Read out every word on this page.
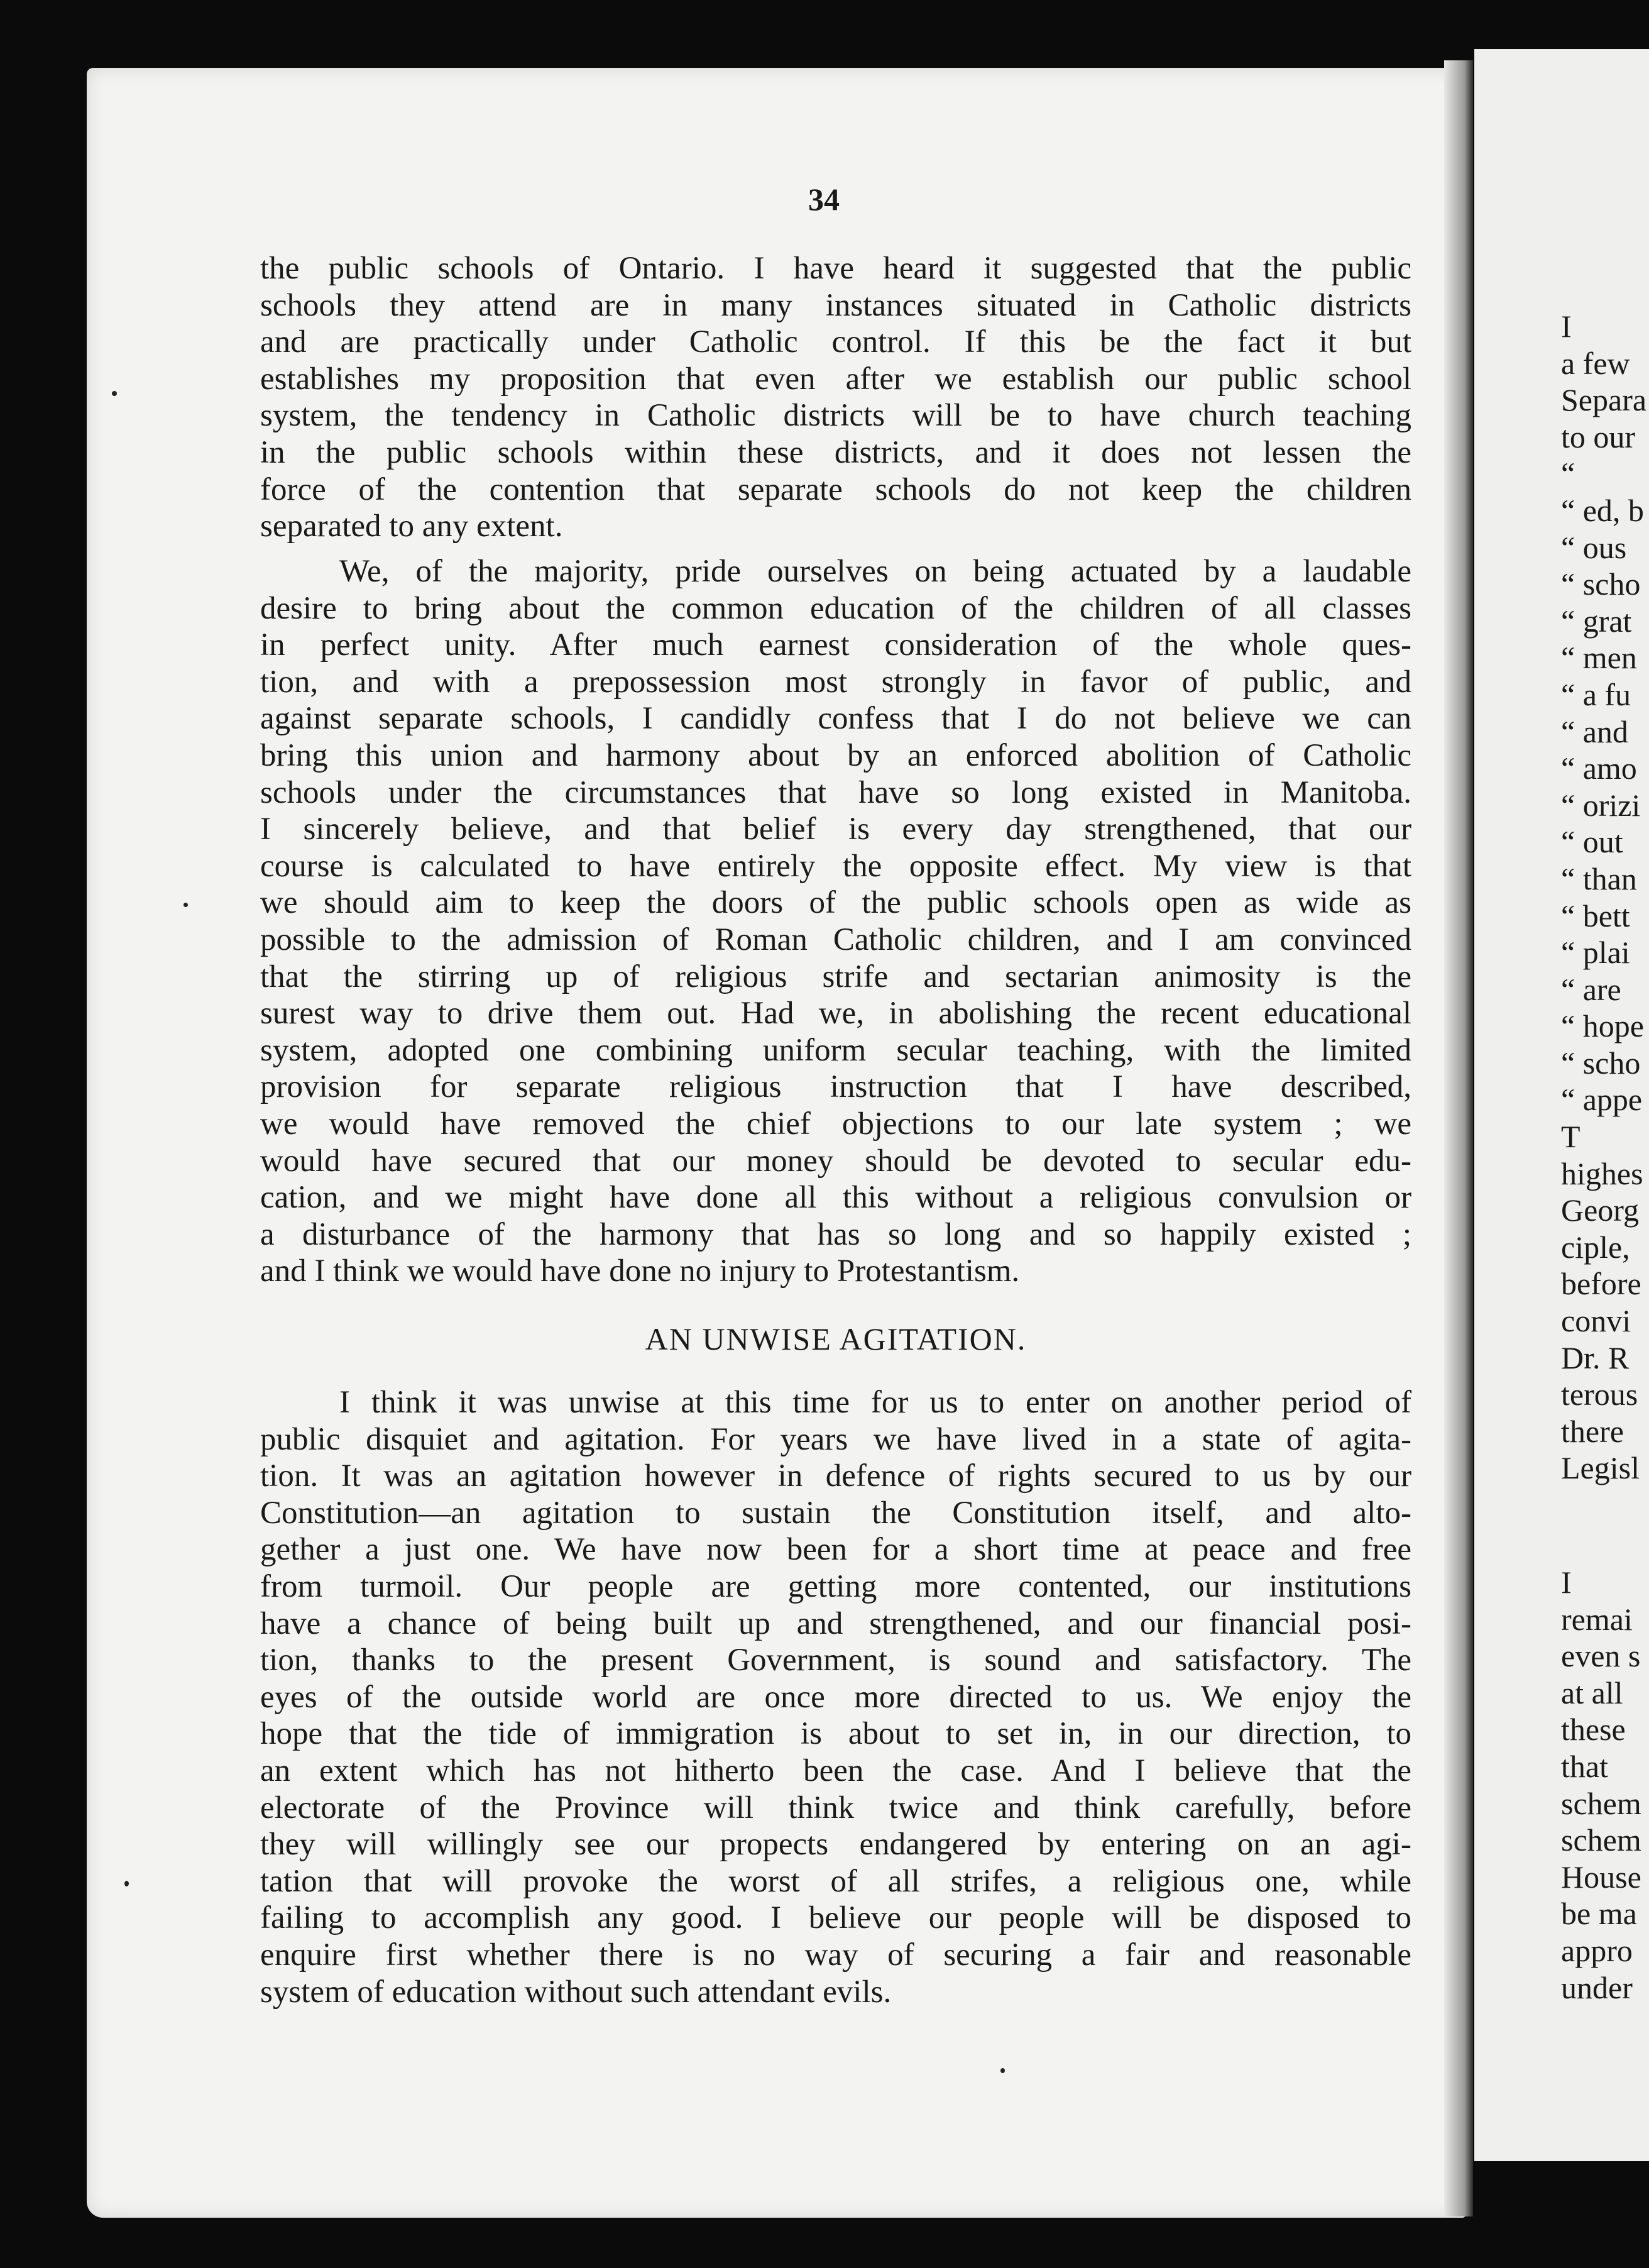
34
the public schools of Ontario. I have heard it suggested that the public
schools they attend are in many instances situated in Catholic districts
and are practically under Catholic control. If this be the fact it but
establishes my proposition that even after we establish our public school
system, the tendency in Catholic districts will be to have church teaching
in the public schools within these districts, and it does not lessen the
force of the contention that separate schools do not keep the children
separated to any extent.
We, of the majority, pride ourselves on being actuated by a laudable
desire to bring about the common education of the children of all classes
in perfect unity. After much earnest consideration of the whole ques-
tion, and with a prepossession most strongly in favor of public, and
against separate schools, I candidly confess that I do not believe we can
bring this union and harmony about by an enforced abolition of Catholic
schools under the circumstances that have so long existed in Manitoba.
I sincerely believe, and that belief is every day strengthened, that our
course is calculated to have entirely the opposite effect. My view is that
we should aim to keep the doors of the public schools open as wide as
possible to the admission of Roman Catholic children, and I am convinced
that the stirring up of religious strife and sectarian animosity is the
surest way to drive them out. Had we, in abolishing the recent educational
system, adopted one combining uniform secular teaching, with the limited
provision for separate religious instruction that I have described,
we would have removed the chief objections to our late system ; we
would have secured that our money should be devoted to secular edu-
cation, and we might have done all this without a religious convulsion or
a disturbance of the harmony that has so long and so happily existed ;
and I think we would have done no injury to Protestantism.
AN UNWISE AGITATION.
I think it was unwise at this time for us to enter on another period of
public disquiet and agitation. For years we have lived in a state of agita-
tion. It was an agitation however in defence of rights secured to us by our
Constitution—an agitation to sustain the Constitution itself, and alto-
gether a just one. We have now been for a short time at peace and free
from turmoil. Our people are getting more contented, our institutions
have a chance of being built up and strengthened, and our financial posi-
tion, thanks to the present Government, is sound and satisfactory. The
eyes of the outside world are once more directed to us. We enjoy the
hope that the tide of immigration is about to set in, in our direction, to
an extent which has not hitherto been the case. And I believe that the
electorate of the Province will think twice and think carefully, before
they will willingly see our propects endangered by entering on an agi-
tation that will provoke the worst of all strifes, a religious one, while
failing to accomplish any good. I believe our people will be disposed to
enquire first whether there is no way of securing a fair and reasonable
system of education without such attendant evils.
I
a few
Separa
to our
“
“ ed, b
“ ous
“ scho
“ grat
“ men
“ a fu
“ and
“ amo
“ orizi
“ out
“ than
“ bett
“ plai
“ are
“ hope
“ scho
“ appe
T
highes
Georg
ciple,
before
convi
Dr. R
terous
there
Legisl
I
remai
even s
at all
these
that
schem
schem
House
be ma
appro
under
